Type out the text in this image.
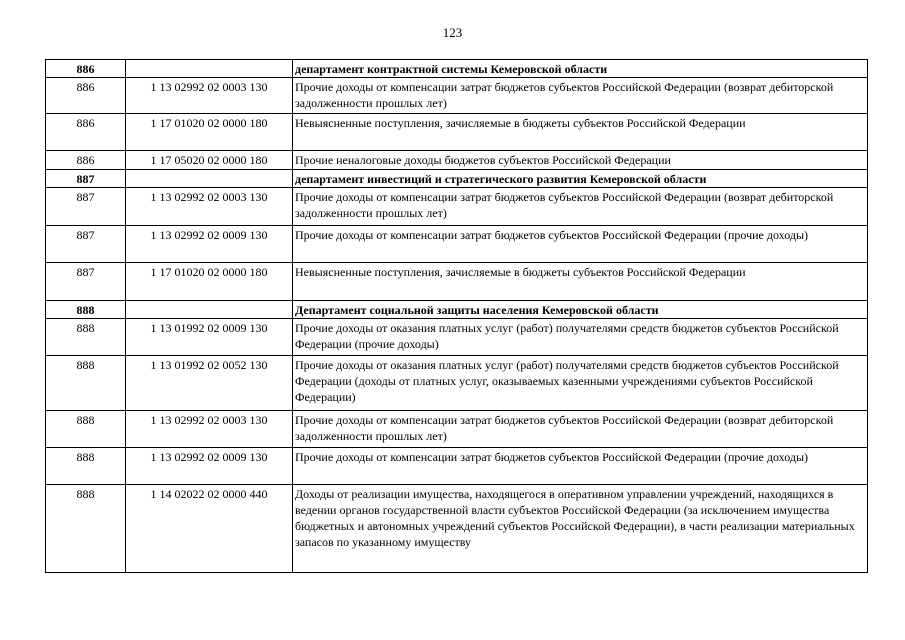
123
886		департамент контрактной системы Кемеровской области
886	1 13 02992 02 0003 130	Прочие доходы от компенсации затрат бюджетов субъектов Российской Федерации (возврат дебиторской задолженности прошлых лет)
886	1 17 01020 02 0000 180	Невыясненные поступления, зачисляемые в бюджеты субъектов Российской Федерации
886	1 17 05020 02 0000 180	Прочие неналоговые доходы бюджетов субъектов Российской Федерации
887		департамент инвестиций и стратегического развития Кемеровской области
887	1 13 02992 02 0003 130	Прочие доходы от компенсации затрат бюджетов субъектов Российской Федерации (возврат дебиторской задолженности прошлых лет)
887	1 13 02992 02 0009 130	Прочие доходы от компенсации затрат бюджетов субъектов Российской Федерации (прочие доходы)
887	1 17 01020 02 0000 180	Невыясненные поступления, зачисляемые в бюджеты субъектов Российской Федерации
888		Департамент социальной защиты населения Кемеровской области
888	1 13 01992 02 0009 130	Прочие доходы от оказания платных услуг (работ) получателями средств бюджетов субъектов Российской Федерации (прочие доходы)
888	1 13 01992 02 0052 130	Прочие доходы от оказания платных услуг (работ) получателями средств бюджетов субъектов Российской Федерации (доходы от платных услуг, оказываемых казенными учреждениями субъектов Российской Федерации)
888	1 13 02992 02 0003 130	Прочие доходы от компенсации затрат бюджетов субъектов Российской Федерации (возврат дебиторской задолженности прошлых лет)
888	1 13 02992 02 0009 130	Прочие доходы от компенсации затрат бюджетов субъектов Российской Федерации (прочие доходы)
888	1 14 02022 02 0000 440	Доходы от реализации имущества, находящегося в оперативном управлении учреждений, находящихся в ведении органов государственной власти субъектов Российской Федерации (за исключением имущества бюджетных и автономных учреждений субъектов Российской Федерации), в части реализации материальных запасов по указанному имуществу
